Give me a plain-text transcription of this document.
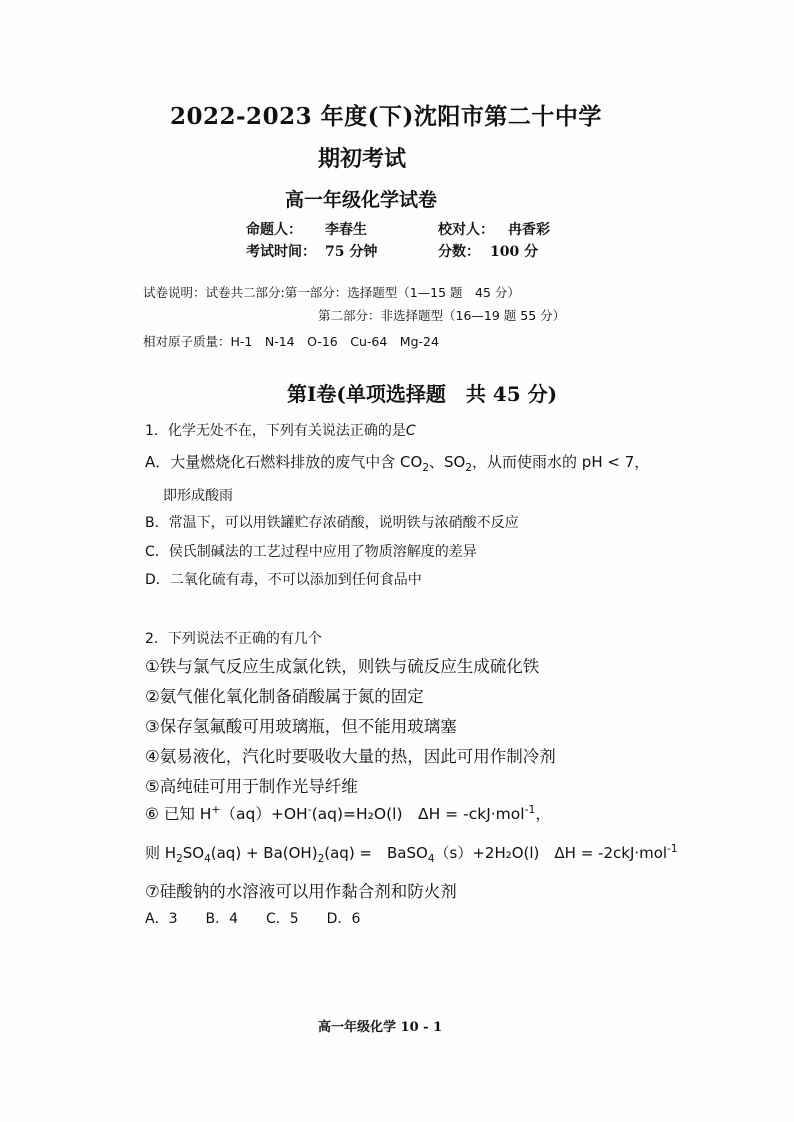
2022-2023 年度(下)沈阳市第二十中学
期初考试
高一年级化学试卷
命题人： 李春生	校对人： 冉香彩
考试时间： 75 分钟	分数： 100 分
试卷说明：试卷共二部分:第一部分：选择题型（1—15 题　45 分）
第二部分：非选择题型（16—19 题 55 分）
相对原子质量：H-1　N-14　O-16　Cu-64　Mg-24
第Ⅰ卷(单项选择题　共 45 分)
1．化学无处不在，下列有关说法正确的是C
A．大量燃烧化石燃料排放的废气中含 $CO_2$、$SO_2$，从而使雨水的 pH < 7，
即形成酸雨
B．常温下，可以用铁罐贮存浓硝酸，说明铁与浓硝酸不反应
C．侯氏制碱法的工艺过程中应用了物质溶解度的差异
D．二氧化硫有毒，不可以添加到任何食品中
2．下列说法不正确的有几个
①铁与氯气反应生成氯化铁，则铁与硫反应生成硫化铁
②氨气催化氧化制备硝酸属于氮的固定
③保存氢氟酸可用玻璃瓶，但不能用玻璃塞
④氨易液化，汽化时要吸收大量的热，因此可用作制冷剂
⑤高纯硅可用于制作光导纤维
⑥ 已知 H+（aq）+OH-(aq)=H₂O(l)　ΔH = -ckJ·mol$^{-1}$，
则 $H_2SO_4(aq) + Ba(OH)_2(aq)$ =　BaSO$_4$（s）+2H₂O(l)　ΔH = -2ckJ·mol$^{-1}$
⑦硅酸钠的水溶液可以用作黏合剂和防火剂
A．3　　B．4　　C．5　　D．6
高一年级化学 10 - 1
